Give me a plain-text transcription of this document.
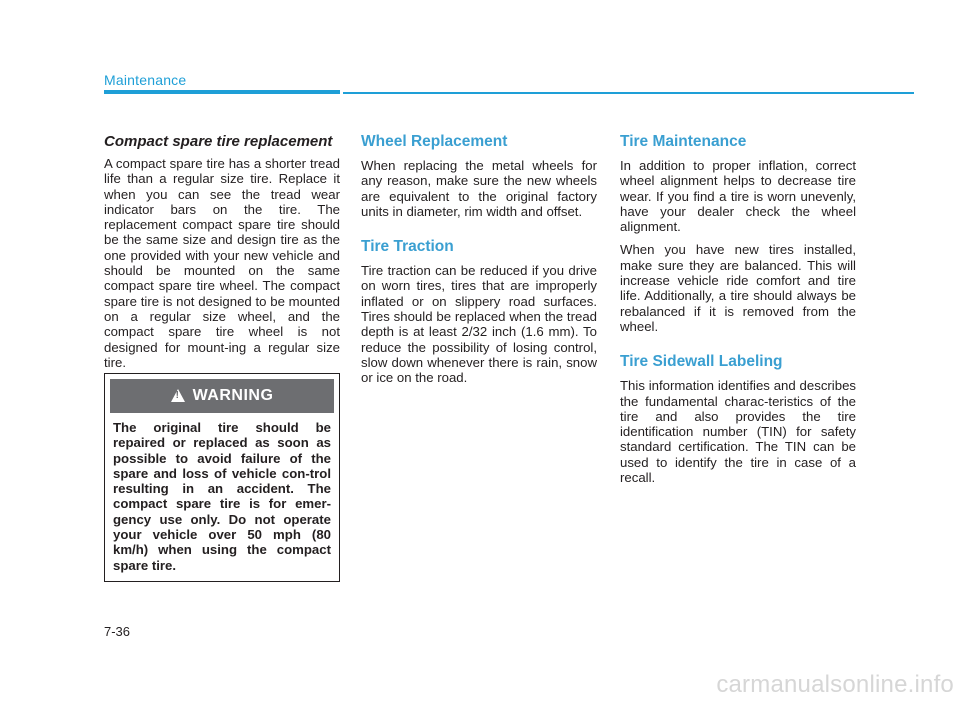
Maintenance
Compact spare tire replacement

A compact spare tire has a shorter tread life than a regular size tire. Replace it when you can see the tread wear indicator bars on the tire. The replacement compact spare tire should be the same size and design tire as the one provided with your new vehicle and should be mounted on the same compact spare tire wheel. The compact spare tire is not designed to be mounted on a regular size wheel, and the compact spare tire wheel is not designed for mount-ing a regular size tire.

!
WARNING

The original tire should be repaired or replaced as soon as possible to avoid failure of the spare and loss of vehicle con-trol resulting in an accident. The compact spare tire is for emer-gency use only. Do not operate your vehicle over 50 mph (80 km/h) when using the compact spare tire.

Wheel Replacement

When replacing the metal wheels for any reason, make sure the new wheels are equivalent to the original factory units in diameter, rim width and offset.

Tire Traction

Tire traction can be reduced if you drive on worn tires, tires that are improperly inflated or on slippery road surfaces. Tires should be replaced when the tread depth is at least 2/32 inch (1.6 mm). To reduce the possibility of losing control, slow down whenever there is rain, snow or ice on the road.

Tire Maintenance

In addition to proper inflation, correct wheel alignment helps to decrease tire wear. If you find a tire is worn unevenly, have your dealer check the wheel alignment.

When you have new tires installed, make sure they are balanced. This will increase vehicle ride comfort and tire life. Additionally, a tire should always be rebalanced if it is removed from the wheel.

Tire Sidewall Labeling

This information identifies and describes the fundamental charac-teristics of the tire and also provides the tire identification number (TIN) for safety standard certification. The TIN can be used to identify the tire in case of a recall.

7-36
carmanualsonline.info
